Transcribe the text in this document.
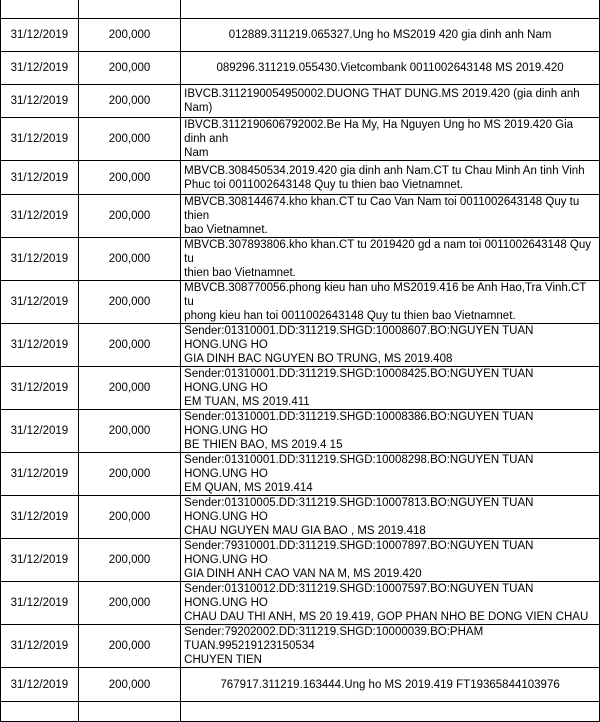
31/12/2019	200,000	012889.311219.065327.Ung ho MS2019 420 gia dinh anh Nam
31/12/2019	200,000	089296.311219.055430.Vietcombank 0011002643148 MS 2019.420
31/12/2019	200,000	IBVCB.3112190054950002.DUONG THAT DUNG.MS 2019.420 (gia dinh anh Nam)
31/12/2019	200,000	IBVCB.3112190606792002.Be Ha My, Ha Nguyen Ung ho MS 2019.420 Gia dinh anh
Nam
31/12/2019	200,000	MBVCB.308450534.2019.420 gia dinh anh Nam.CT tu Chau Minh An tinh Vinh
Phuc toi 0011002643148 Quy tu thien bao Vietnamnet.
31/12/2019	200,000	MBVCB.308144674.kho khan.CT tu Cao Van Nam toi 0011002643148 Quy tu thien
bao Vietnamnet.
31/12/2019	200,000	MBVCB.307893806.kho khan.CT tu 2019420 gd a nam toi 0011002643148 Quy tu
thien bao Vietnamnet.
31/12/2019	200,000	MBVCB.308770056.phong kieu han uho MS2019.416 be Anh Hao,Tra Vinh.CT tu
phong kieu han toi 0011002643148 Quy tu thien bao Vietnamnet.
31/12/2019	200,000	Sender:01310001.DD:311219.SHGD:10008607.BO:NGUYEN TUAN HONG.UNG HO
GIA DINH BAC NGUYEN BO TRUNG, MS 2019.408
31/12/2019	200,000	Sender:01310001.DD:311219.SHGD:10008425.BO:NGUYEN TUAN HONG.UNG HO
EM TUAN, MS 2019.411
31/12/2019	200,000	Sender:01310001.DD:311219.SHGD:10008386.BO:NGUYEN TUAN HONG.UNG HO
BE THIEN BAO, MS 2019.4 15
31/12/2019	200,000	Sender:01310001.DD:311219.SHGD:10008298.BO:NGUYEN TUAN HONG.UNG HO
EM QUAN, MS 2019.414
31/12/2019	200,000	Sender:01310005.DD:311219.SHGD:10007813.BO:NGUYEN TUAN HONG.UNG HO
CHAU NGUYEN MAU GIA BAO , MS 2019.418
31/12/2019	200,000	Sender:79310001.DD:311219.SHGD:10007897.BO:NGUYEN TUAN HONG.UNG HO
GIA DINH ANH CAO VAN NA M, MS 2019.420
31/12/2019	200,000	Sender:01310012.DD:311219.SHGD:10007597.BO:NGUYEN TUAN HONG.UNG HO
CHAU DAU THI ANH, MS 20 19.419, GOP PHAN NHO BE DONG VIEN CHAU
31/12/2019	200,000	Sender:79202002.DD:311219.SHGD:10000039.BO:PHAM TUAN.995219123150534
CHUYEN TIEN
31/12/2019	200,000	767917.311219.163444.Ung ho MS 2019.419 FT19365844103976
